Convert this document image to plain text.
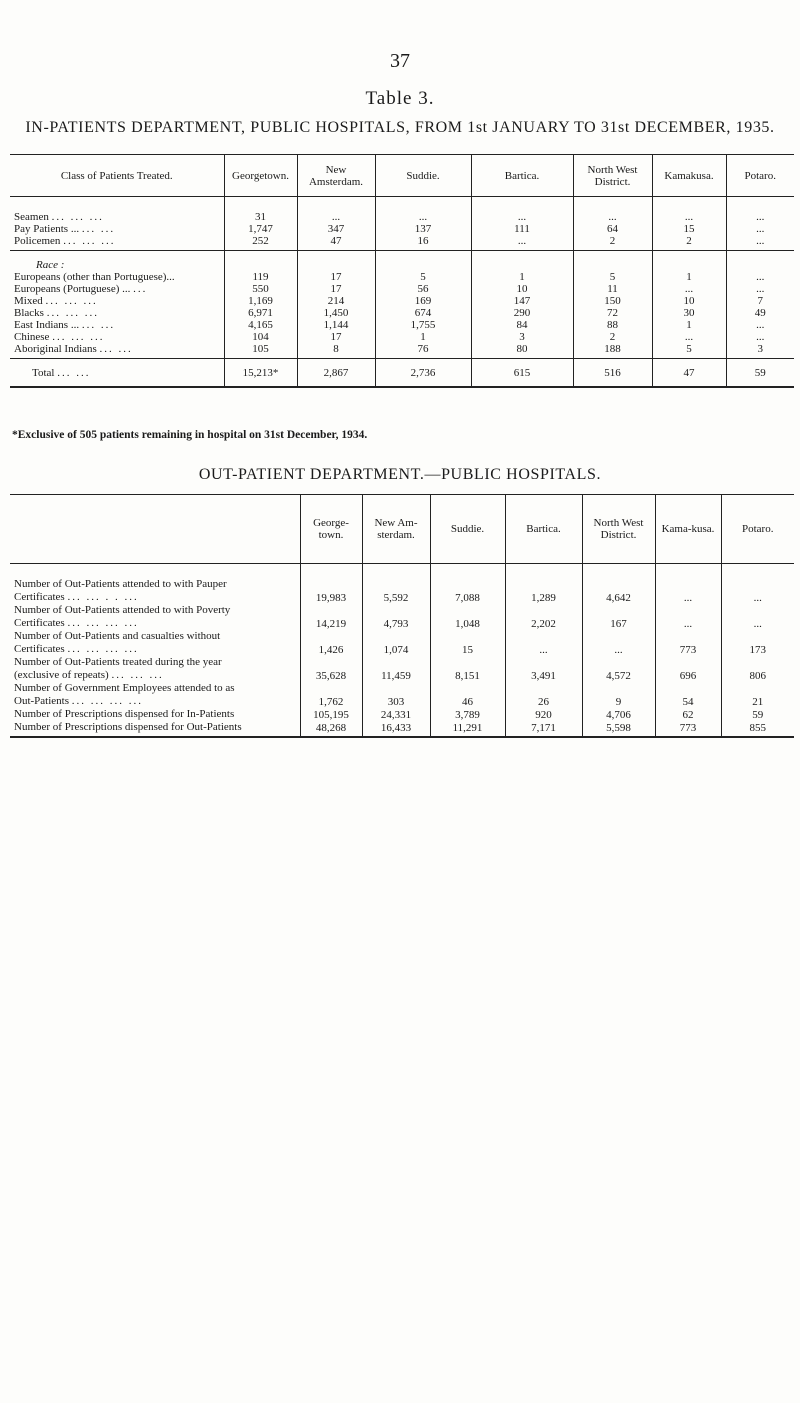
37
Table 3.
IN-PATIENTS DEPARTMENT, PUBLIC HOSPITALS, FROM 1st JANUARY TO 31st DECEMBER, 1935.
Class of Patients Treated.	Georgetown.	New Amsterdam.	Suddie.	Bartica.	North West District.	Kamakusa.	Potaro.
Seamen ... ... ...	31	...	...	...	...	...	...
Pay Patients ... ... ...	1,747	347	137	111	64	15	...
Policemen ... ... ...	252	47	16	...	2	2	...
Race :							
Europeans (other than Portuguese)...	119	17	5	1	5	1	...
Europeans (Portuguese) ... ...	550	17	56	10	11	...	...
Mixed ... ... ...	1,169	214	169	147	150	10	7
Blacks ... ... ...	6,971	1,450	674	290	72	30	49
East Indians ... ... ...	4,165	1,144	1,755	84	88	1	...
Chinese ... ... ...	104	17	1	3	2	...	...
Aboriginal Indians ... ...	105	8	76	80	188	5	3
Total ... ...	15,213*	2,867	2,736	615	516	47	59
*Exclusive of 505 patients remaining in hospital on 31st December, 1934.
OUT-PATIENT DEPARTMENT.—PUBLIC HOSPITALS.
	George-town.	New Am-sterdam.	Suddie.	Bartica.	North West District.	Kama-kusa.	Potaro.

Number of Out-Patients attended to with Pauper
Certificates ... ... . . ...	19,983	5,592	7,088	1,289	4,642	...	...

Number of Out-Patients attended to with Poverty
Certificates ... ... ... ...	14,219	4,793	1,048	2,202	167	...	...

Number of Out-Patients and casualties without
Certificates ... ... ... ...	1,426	1,074	15	...	...	773	173

Number of Out-Patients treated during the year
(exclusive of repeats) ... ... ...	35,628	11,459	8,151	3,491	4,572	696	806

Number of Government Employees attended to as
Out-Patients ... ... ... ...	1,762	303	46	26	9	54	21

Number of Prescriptions dispensed for In-Patients	105,195	24,331	3,789	920	4,706	62	59

Number of Prescriptions dispensed for Out-Patients	48,268	16,433	11,291	7,171	5,598	773	855
